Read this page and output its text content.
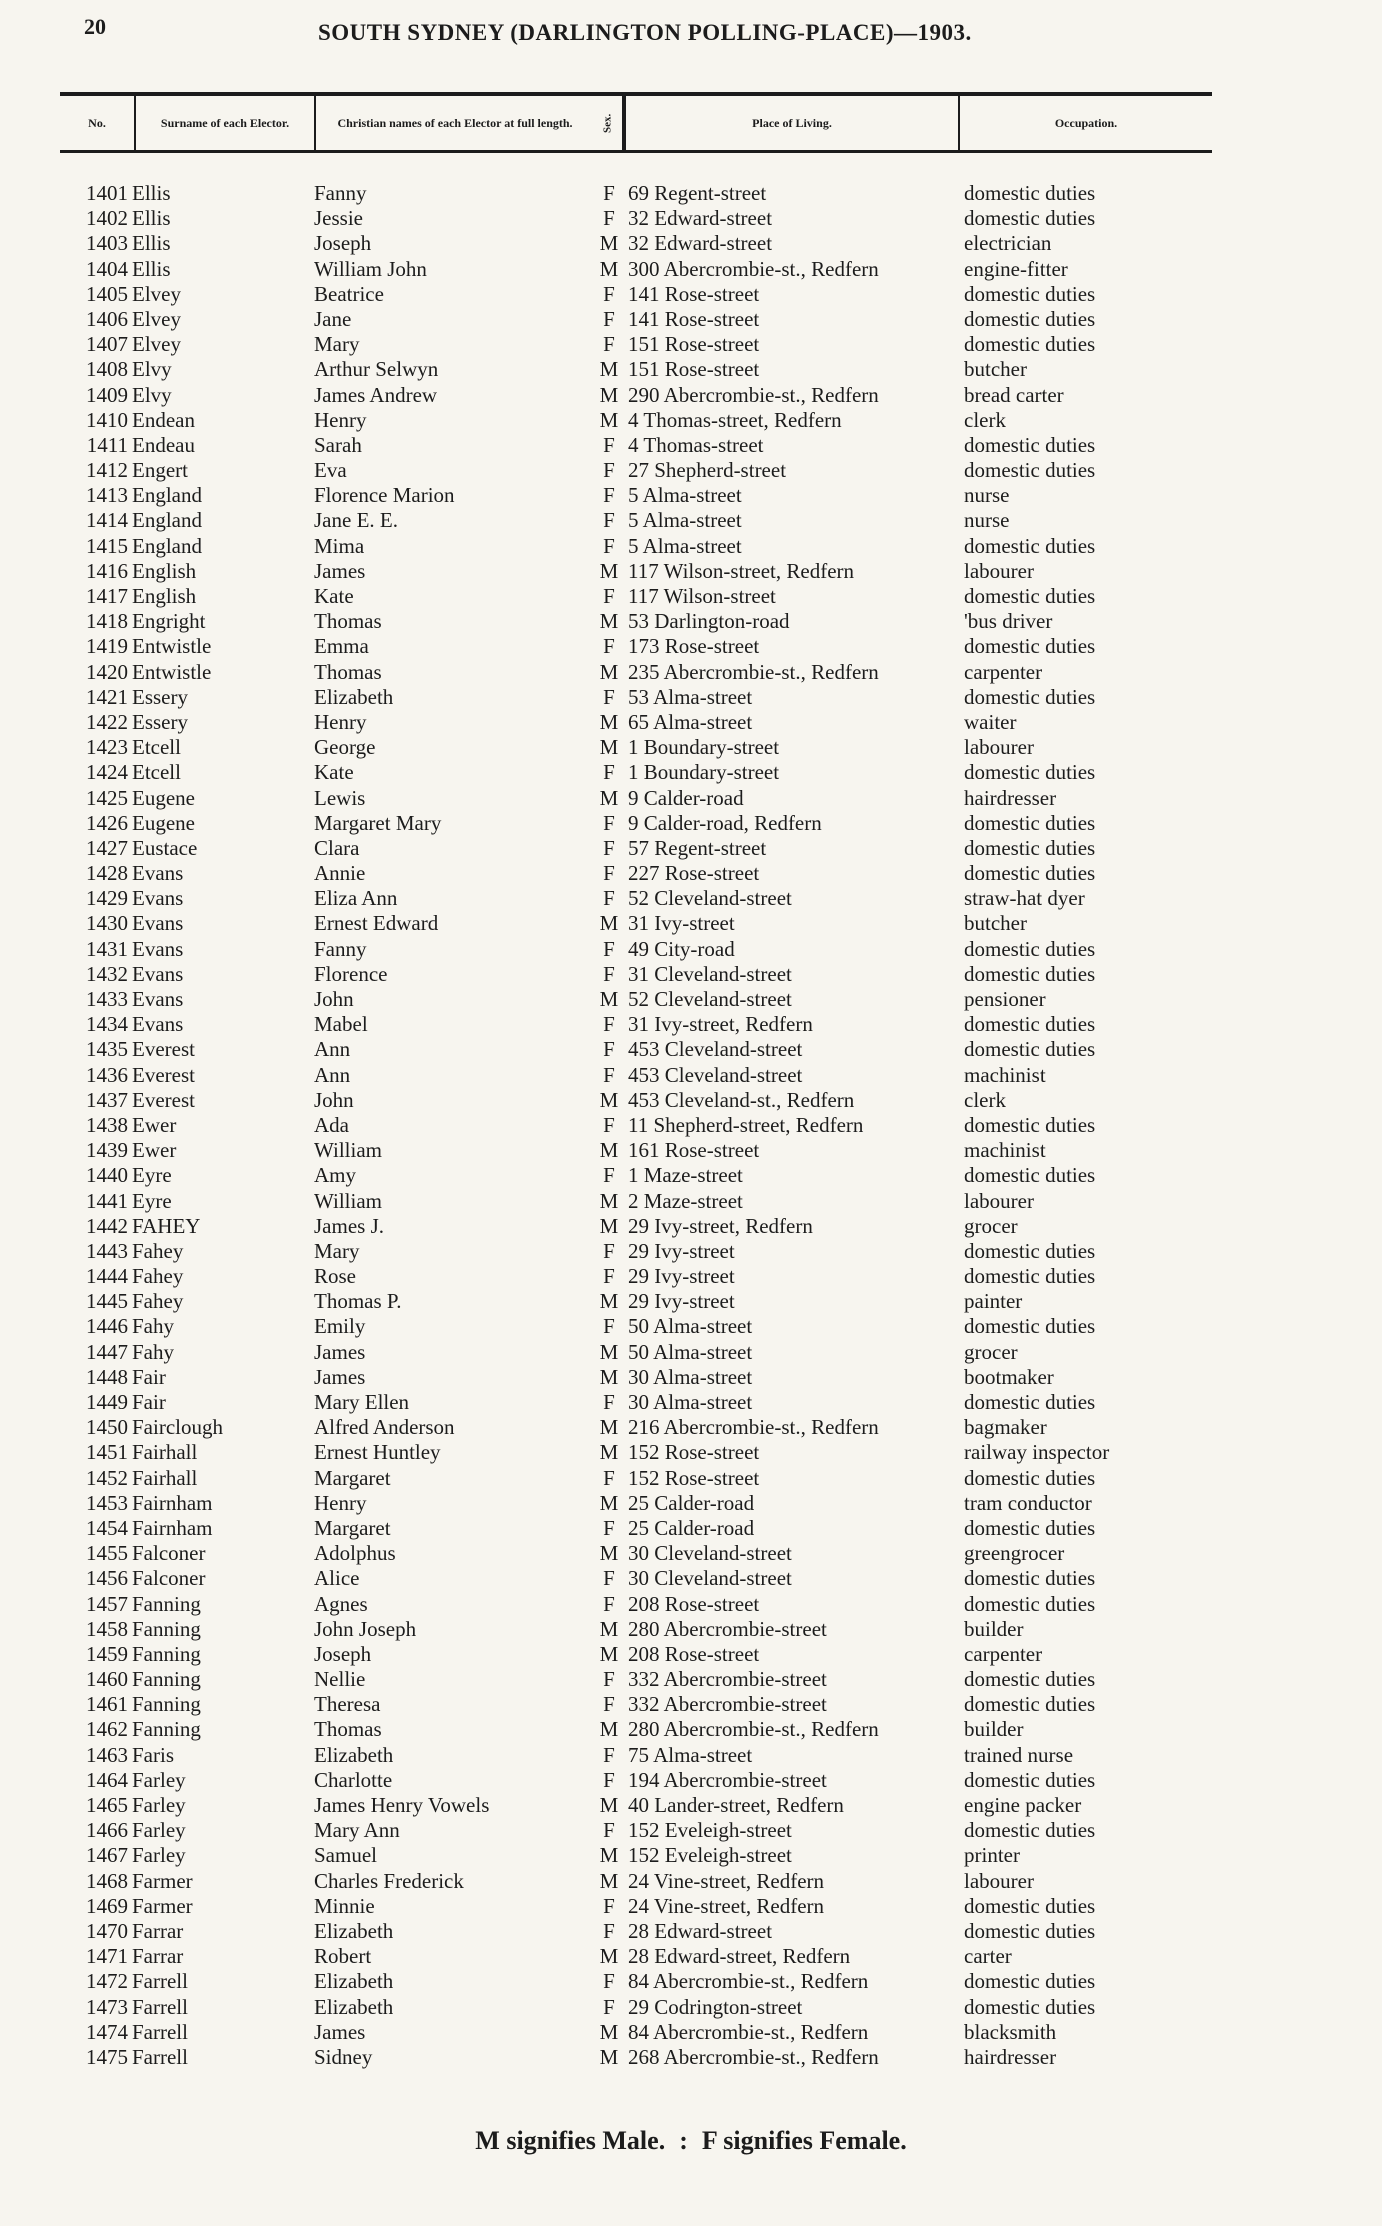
20	SOUTH SYDNEY (DARLINGTON POLLING-PLACE)—1903.
No.	Surname of each Elector.	Christian names of each Elector at full length.	Sex.	Place of Living.	Occupation.
1401 Ellis	Fanny	F 69 Regent-street	domestic duties
1402 Ellis	Jessie	F 32 Edward-street	domestic duties
1403 Ellis	Joseph	M 32 Edward-street	electrician
1404 Ellis	William John	M 300 Abercrombie-st., Redfern	engine-fitter
1405 Elvey	Beatrice	F 141 Rose-street	domestic duties
1406 Elvey	Jane	F 141 Rose-street	domestic duties
1407 Elvey	Mary	F 151 Rose-street	domestic duties
1408 Elvy	Arthur Selwyn	M 151 Rose-street	butcher
1409 Elvy	James Andrew	M 290 Abercrombie-st., Redfern	bread carter
1410 Endean	Henry	M 4 Thomas-street, Redfern	clerk
1411 Endeau	Sarah	F 4 Thomas-street	domestic duties
1412 Engert	Eva	F 27 Shepherd-street	domestic duties
1413 England	Florence Marion	F 5 Alma-street	nurse
1414 England	Jane E. E.	F 5 Alma-street	nurse
1415 England	Mima	F 5 Alma-street	domestic duties
1416 English	James	M 117 Wilson-street, Redfern	labourer
1417 English	Kate	F 117 Wilson-street	domestic duties
1418 Engright	Thomas	M 53 Darlington-road	'bus driver
1419 Entwistle	Emma	F 173 Rose-street	domestic duties
1420 Entwistle	Thomas	M 235 Abercrombie-st., Redfern	carpenter
1421 Essery	Elizabeth	F 53 Alma-street	domestic duties
1422 Essery	Henry	M 65 Alma-street	waiter
1423 Etcell	George	M 1 Boundary-street	labourer
1424 Etcell	Kate	F 1 Boundary-street	domestic duties
1425 Eugene	Lewis	M 9 Calder-road	hairdresser
1426 Eugene	Margaret Mary	F 9 Calder-road, Redfern	domestic duties
1427 Eustace	Clara	F 57 Regent-street	domestic duties
1428 Evans	Annie	F 227 Rose-street	domestic duties
1429 Evans	Eliza Ann	F 52 Cleveland-street	straw-hat dyer
1430 Evans	Ernest Edward	M 31 Ivy-street	butcher
1431 Evans	Fanny	F 49 City-road	domestic duties
1432 Evans	Florence	F 31 Cleveland-street	domestic duties
1433 Evans	John	M 52 Cleveland-street	pensioner
1434 Evans	Mabel	F 31 Ivy-street, Redfern	domestic duties
1435 Everest	Ann	F 453 Cleveland-street	domestic duties
1436 Everest	Ann	F 453 Cleveland-street	machinist
1437 Everest	John	M 453 Cleveland-st., Redfern	clerk
1438 Ewer	Ada	F 11 Shepherd-street, Redfern	domestic duties
1439 Ewer	William	M 161 Rose-street	machinist
1440 Eyre	Amy	F 1 Maze-street	domestic duties
1441 Eyre	William	M 2 Maze-street	labourer
1442 FAHEY	James J.	M 29 Ivy-street, Redfern	grocer
1443 Fahey	Mary	F 29 Ivy-street	domestic duties
1444 Fahey	Rose	F 29 Ivy-street	domestic duties
1445 Fahey	Thomas P.	M 29 Ivy-street	painter
1446 Fahy	Emily	F 50 Alma-street	domestic duties
1447 Fahy	James	M 50 Alma-street	grocer
1448 Fair	James	M 30 Alma-street	bootmaker
1449 Fair	Mary Ellen	F 30 Alma-street	domestic duties
1450 Fairclough	Alfred Anderson	M 216 Abercrombie-st., Redfern	bagmaker
1451 Fairhall	Ernest Huntley	M 152 Rose-street	railway inspector
1452 Fairhall	Margaret	F 152 Rose-street	domestic duties
1453 Fairnham	Henry	M 25 Calder-road	tram conductor
1454 Fairnham	Margaret	F 25 Calder-road	domestic duties
1455 Falconer	Adolphus	M 30 Cleveland-street	greengrocer
1456 Falconer	Alice	F 30 Cleveland-street	domestic duties
1457 Fanning	Agnes	F 208 Rose-street	domestic duties
1458 Fanning	John Joseph	M 280 Abercrombie-street	builder
1459 Fanning	Joseph	M 208 Rose-street	carpenter
1460 Fanning	Nellie	F 332 Abercrombie-street	domestic duties
1461 Fanning	Theresa	F 332 Abercrombie-street	domestic duties
1462 Fanning	Thomas	M 280 Abercrombie-st., Redfern	builder
1463 Faris	Elizabeth	F 75 Alma-street	trained nurse
1464 Farley	Charlotte	F 194 Abercrombie-street	domestic duties
1465 Farley	James Henry Vowels	M 40 Lander-street, Redfern	engine packer
1466 Farley	Mary Ann	F 152 Eveleigh-street	domestic duties
1467 Farley	Samuel	M 152 Eveleigh-street	printer
1468 Farmer	Charles Frederick	M 24 Vine-street, Redfern	labourer
1469 Farmer	Minnie	F 24 Vine-street, Redfern	domestic duties
1470 Farrar	Elizabeth	F 28 Edward-street	domestic duties
1471 Farrar	Robert	M 28 Edward-street, Redfern	carter
1472 Farrell	Elizabeth	F 84 Abercrombie-st., Redfern	domestic duties
1473 Farrell	Elizabeth	F 29 Codrington-street	domestic duties
1474 Farrell	James	M 84 Abercrombie-st., Redfern	blacksmith
1475 Farrell	Sidney	M 268 Abercrombie-st., Redfern	hairdresser
M signifies Male. : F signifies Female.
